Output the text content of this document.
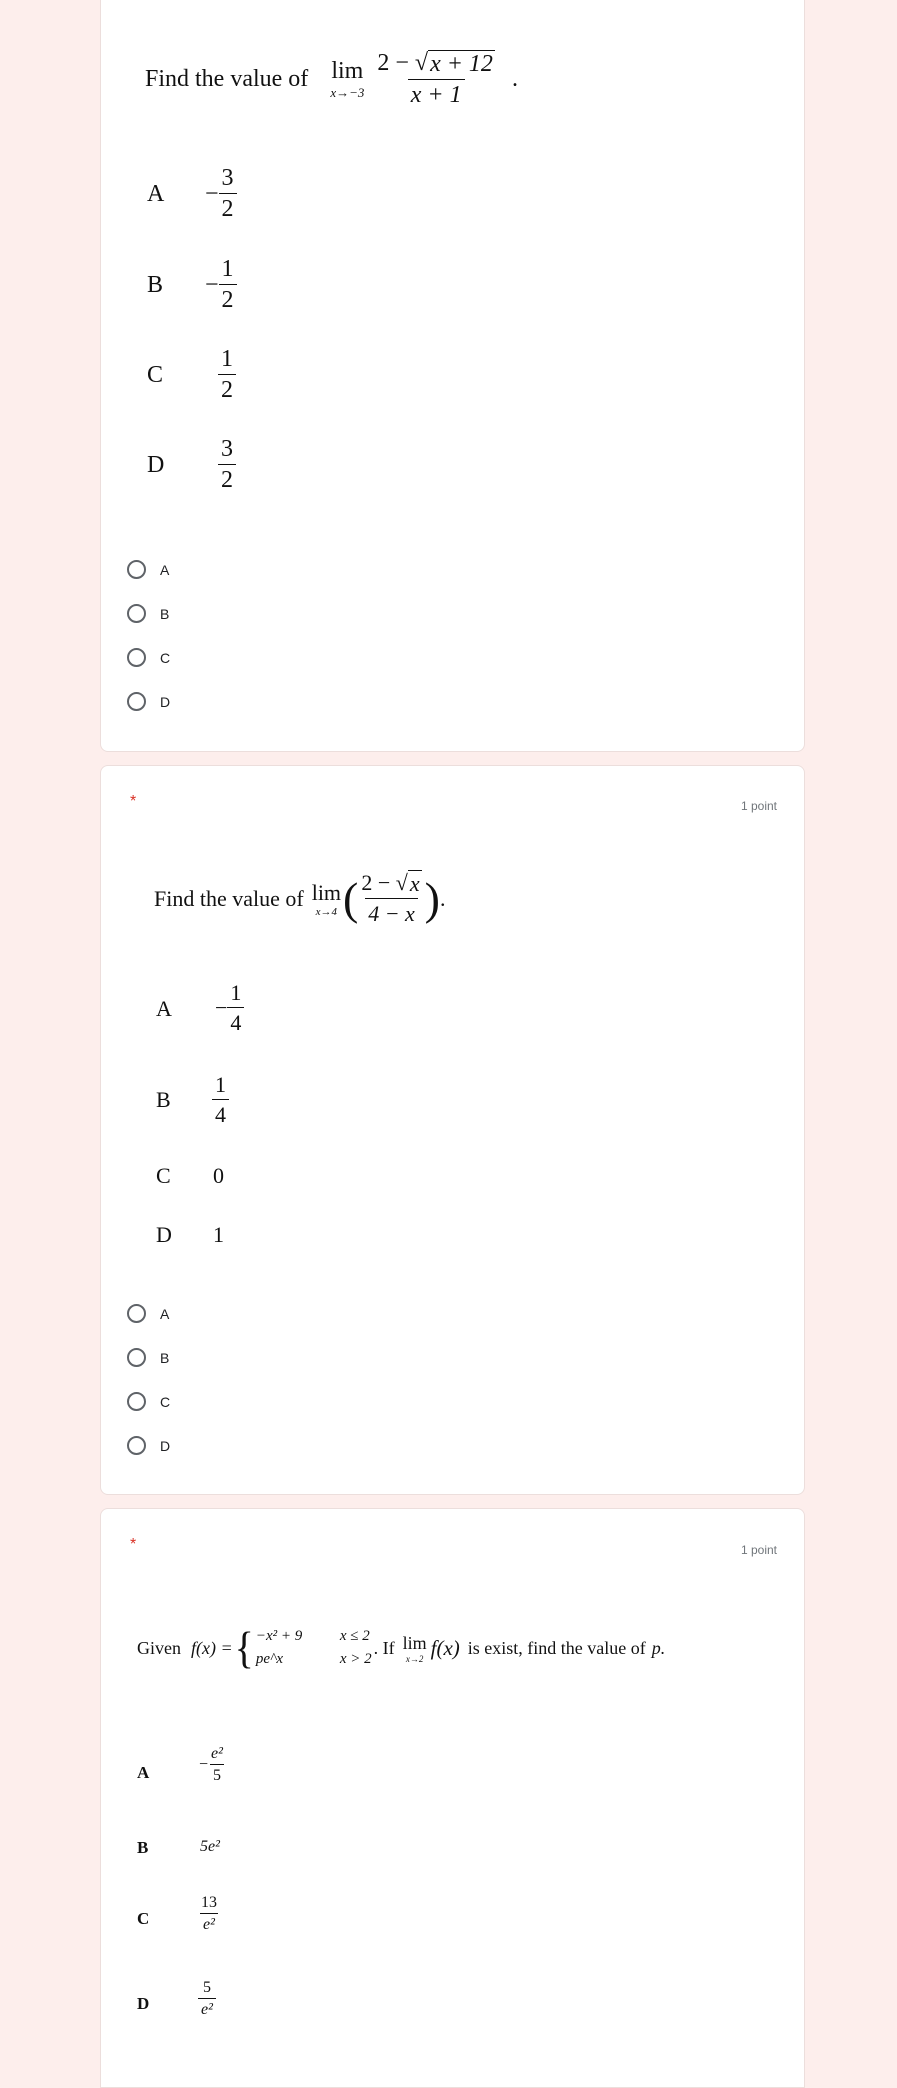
Find the value of lim
$x\to-3 \frac{2 - √ x + 12}{x + 1}$ .
$A - \frac{3}{2}$
$B - \frac{1}{2}$
C $\frac{1}{2}$
D $\frac{3}{2}$
A
B
C
D
*	1 point
Find the value of lim
x→4 ( $\frac{2 - √ x}{4 - x}$ ) .
$A - \frac{1}{4}$
B $\frac{1}{4}$
C 0
D 1
A
B
C
D
*	1 point
Given f(x) = { −x² + 9	x ≤ 2
pe^x	x > 2
. If lim
x→2 f(x) is exist, find the value of p.
A	− $\frac{\text{e²}}{5}$
B	5e²
C	$\frac{13}{\text{e²}}$
D	$\frac{5}{\text{e²}}$
